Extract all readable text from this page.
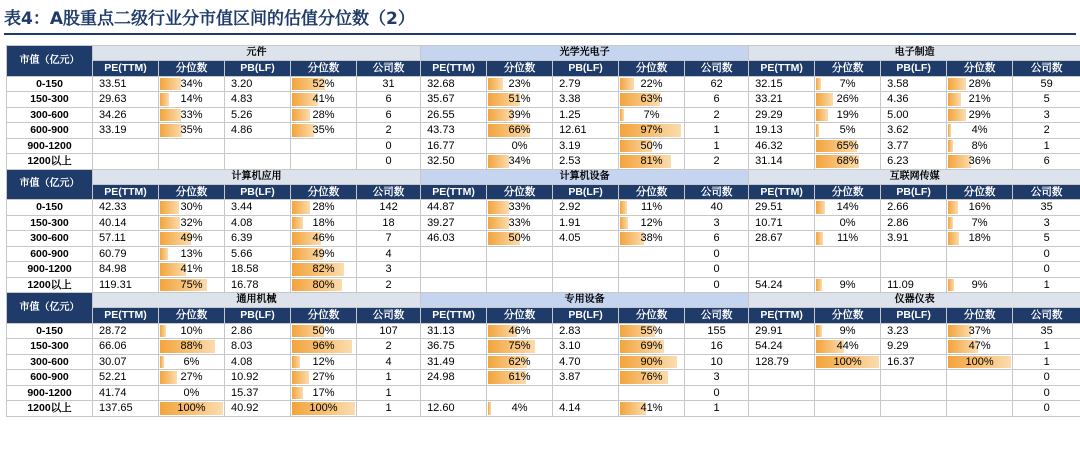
表4：A股重点二级行业分市值区间的估值分位数（2）
市值（亿元）	元件					光学光电子					电子制造				
	PE(TTM)	分位数	PB(LF)	分位数	公司数	PE(TTM)	分位数	PB(LF)	分位数	公司数	PE(TTM)	分位数	PB(LF)	分位数	公司数
0-150	33.51	34%	3.20	52%	31	32.68	23%	2.79	22%	62	32.15	7%	3.58	28%	59
150-300	29.63	14%	4.83	41%	6	35.67	51%	3.38	63%	6	33.21	26%	4.36	21%	5
300-600	34.26	33%	5.26	28%	6	26.55	39%	1.25	7%	2	29.29	19%	5.00	29%	3
600-900	33.19	35%	4.86	35%	2	43.73	66%	12.61	97%	1	19.13	5%	3.62	4%	2
900-1200					0	16.77	0%	3.19	50%	1	46.32	65%	3.77	8%	1
1200以上					0	32.50	34%	2.53	81%	2	31.14	68%	6.23	36%	6
市值（亿元）	计算机应用					计算机设备					互联网传媒				
	PE(TTM)	分位数	PB(LF)	分位数	公司数	PE(TTM)	分位数	PB(LF)	分位数	公司数	PE(TTM)	分位数	PB(LF)	分位数	公司数
0-150	42.33	30%	3.44	28%	142	44.87	33%	2.92	11%	40	29.51	14%	2.66	16%	35
150-300	40.14	32%	4.08	18%	18	39.27	33%	1.91	12%	3	10.71	0%	2.86	7%	3
300-600	57.11	49%	6.39	46%	7	46.03	50%	4.05	38%	6	28.67	11%	3.91	18%	5
600-900	60.79	13%	5.66	49%	4					0					0
900-1200	84.98	41%	18.58	82%	3					0					0
1200以上	119.31	75%	16.78	80%	2					0	54.24	9%	11.09	9%	1
市值（亿元）	通用机械					专用设备					仪器仪表				
	PE(TTM)	分位数	PB(LF)	分位数	公司数	PE(TTM)	分位数	PB(LF)	分位数	公司数	PE(TTM)	分位数	PB(LF)	分位数	公司数
0-150	28.72	10%	2.86	50%	107	31.13	46%	2.83	55%	155	29.91	9%	3.23	37%	35
150-300	66.06	88%	8.03	96%	2	36.75	75%	3.10	69%	16	54.24	44%	9.29	47%	1
300-600	30.07	6%	4.08	12%	4	31.49	62%	4.70	90%	10	128.79	100%	16.37	100%	1
600-900	52.21	27%	10.92	27%	1	24.98	61%	3.87	76%	3					0
900-1200	41.74	0%	15.37	17%	1					0					0
1200以上	137.65	100%	40.92	100%	1	12.60	4%	4.14	41%	1					0
